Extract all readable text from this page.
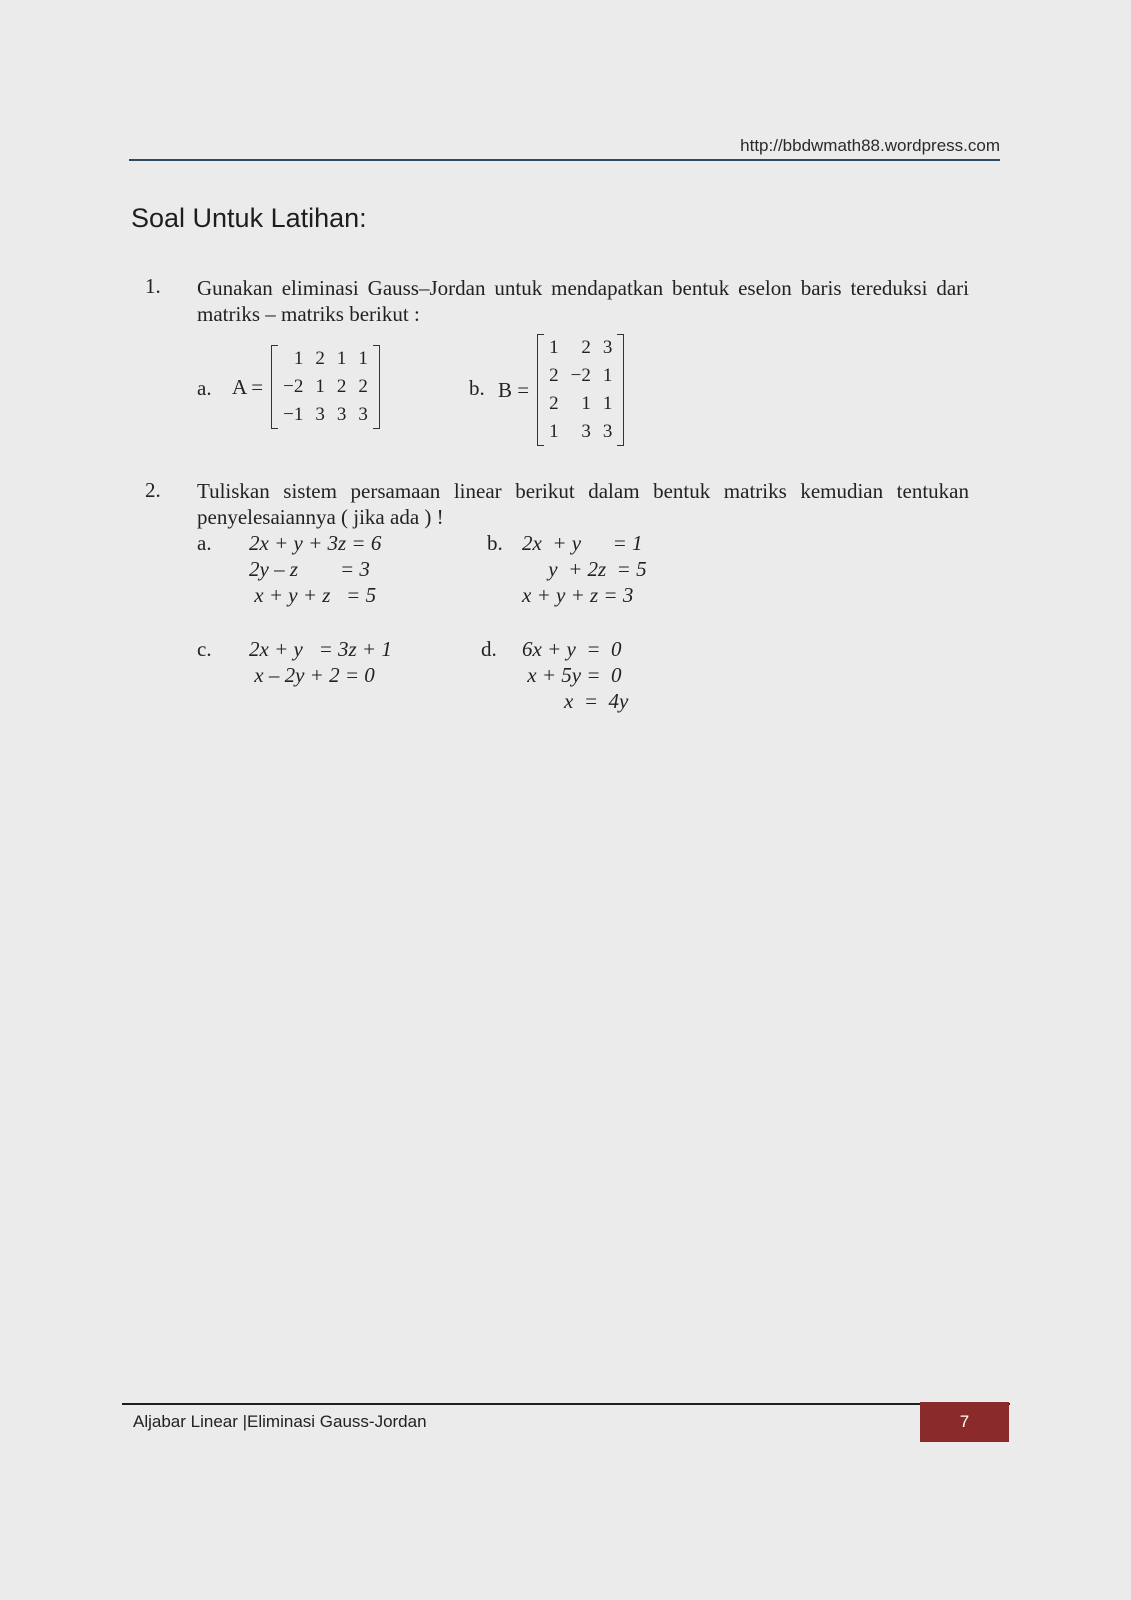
http://bbdwmath88.wordpress.com
Soal Untuk Latihan:
1. Gunakan eliminasi Gauss–Jordan untuk mendapatkan bentuk eselon baris tereduksi dari matriks – matriks berikut :
a. A =
1	2	1	1
−2	1	2	2
−1	3	3	3
b. B =
1	2	3
2	−2	1
2	1	1
1	3	3
2. Tuliskan sistem persamaan linear berikut dalam bentuk matriks kemudian tentukan penyelesaiannya ( jika ada ) !
a. 2x + y + 3z = 6
2y – z        = 3
x + y + z   = 5
b. 2x  + y      = 1
y  + 2z  = 5
x + y + z = 3
c. 2x + y   = 3z + 1
x – 2y + 2 = 0
d. 6x + y  =  0
x + 5y =  0
x  =  4y
Aljabar Linear |Eliminasi Gauss-Jordan	7
